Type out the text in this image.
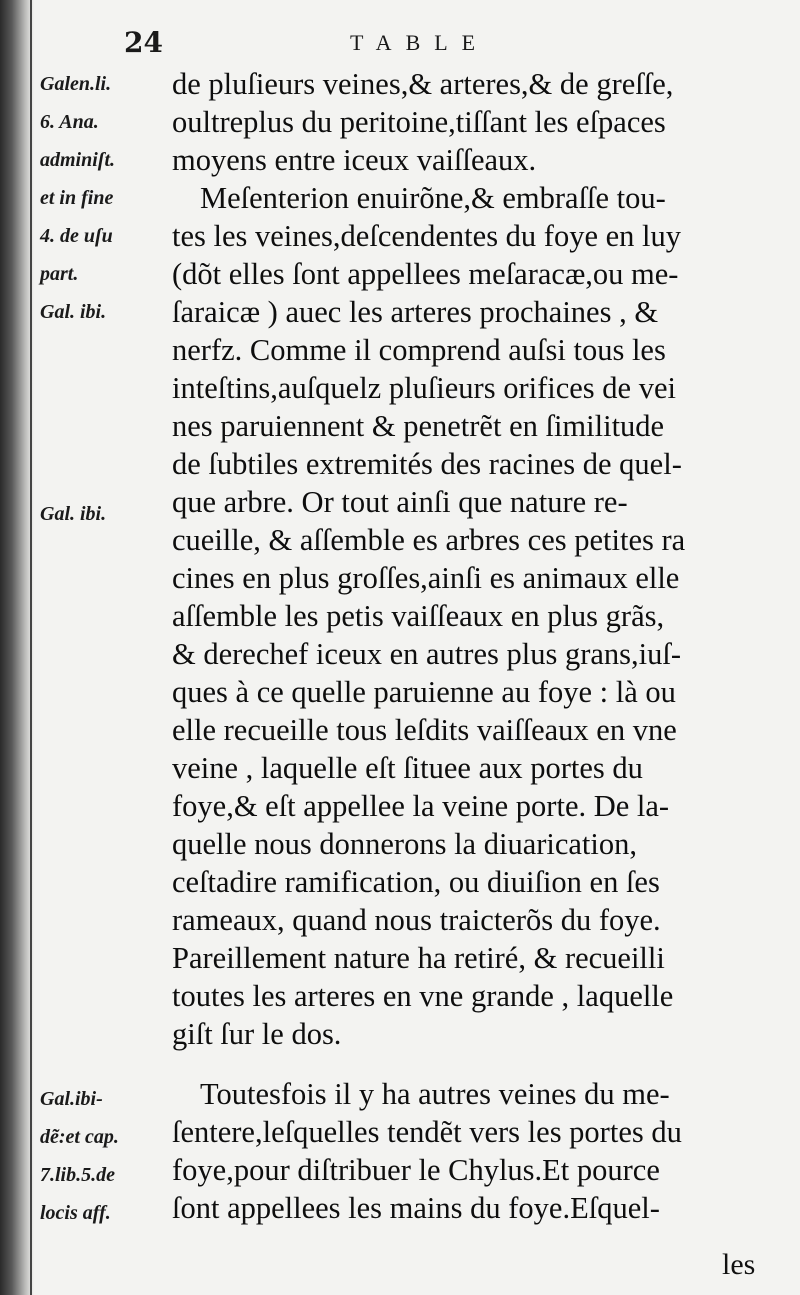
24	TABLE
Galen.li.
6. Ana.
adminiſt.
et in fine
4. de uſu
part.
Gal. ibi.
Gal. ibi.
Gal.ibi-
dẽ:et cap.
7.lib.5.de
locis aff.
de pluſieurs veines,& arteres,& de greſſe,
oultreplus du peritoine,tiſſant les eſpaces
moyens entre iceux vaiſſeaux.
Meſenterion enuirõne,& embraſſe tou-
tes les veines,deſcendentes du foye en luy
(dõt elles ſont appellees meſaracæ,ou me-
ſaraicæ ) auec les arteres prochaines , &
nerfz. Comme il comprend auſsi tous les
inteſtins,auſquelz pluſieurs orifices de vei
nes paruiennent & penetrẽt en ſimilitude
de ſubtiles extremités des racines de quel-
que arbre. Or tout ainſi que nature re-
cueille, & aſſemble es arbres ces petites ra
cines en plus groſſes,ainſi es animaux elle
aſſemble les petis vaiſſeaux en plus grãs,
& derechef iceux en autres plus grans,iuſ-
ques à ce quelle paruienne au foye : là ou
elle recueille tous leſdits vaiſſeaux en vne
veine , laquelle eſt ſituee aux portes du
foye,& eſt appellee la veine porte. De la-
quelle nous donnerons la diuarication,
ceſtadire ramification, ou diuiſion en ſes
rameaux, quand nous traicterõs du foye.
Pareillement nature ha retiré, & recueilli
toutes les arteres en vne grande , laquelle
giſt ſur le dos.
Toutesfois il y ha autres veines du me-
ſentere,leſquelles tendẽt vers les portes du
foye,pour diſtribuer le Chylus.Et pource
ſont appellees les mains du foye.Eſquel-
les
